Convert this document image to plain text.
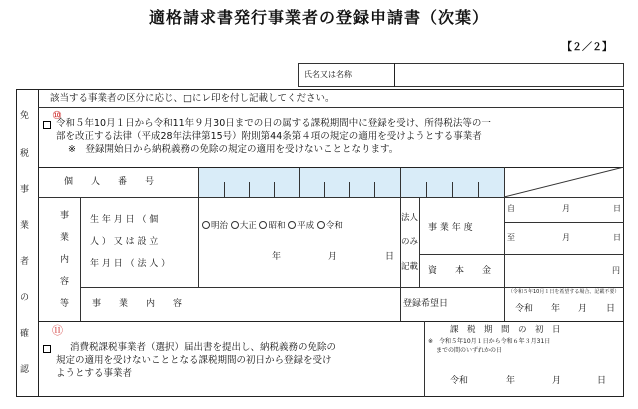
適格請求書発行事業者の登録申請書（次葉）
【２／２】
氏名又は名称
免
税
事
業
者
の
確
認
該当する事業者の区分に応じ、□にレ印を付し記載してください。
⑩
令和５年10月１日から令和11年９月30日までの日の属する課税期間中に登録を受け、所得税法等の一
部を改正する法律（平成28年法律第15号）附則第44条第４項の規定の適用を受けようとする事業者
※　登録開始日から納税義務の免除の規定の適用を受けないこととなります。
個　　人　　番　　号
事
業
内
容
等
生 年 月 日 （ 個
人 ） 又 は 設 立
年 月 日 （ 法 人 ）
明治 大正 昭和 平成 令和
年	月	日
法人
のみ
記載
事 業 年 度
自	月	日
至	月	日
資　　本　　金	円
事　　業　　内　　容	登録希望日
（令和５年10月１日を希望する場合、記載不要）
令和 年 月 日
⑪
消費税課税事業者（選択）届出書を提出し、納税義務の免除の
規定の適用を受けないこととなる課税期間の初日から登録を受け
ようとする事業者
課　税　期　間　の　初　日
※　令和５年10月１日から令和６年３月31日
までの間のいずれかの日
令和	年	月	日
